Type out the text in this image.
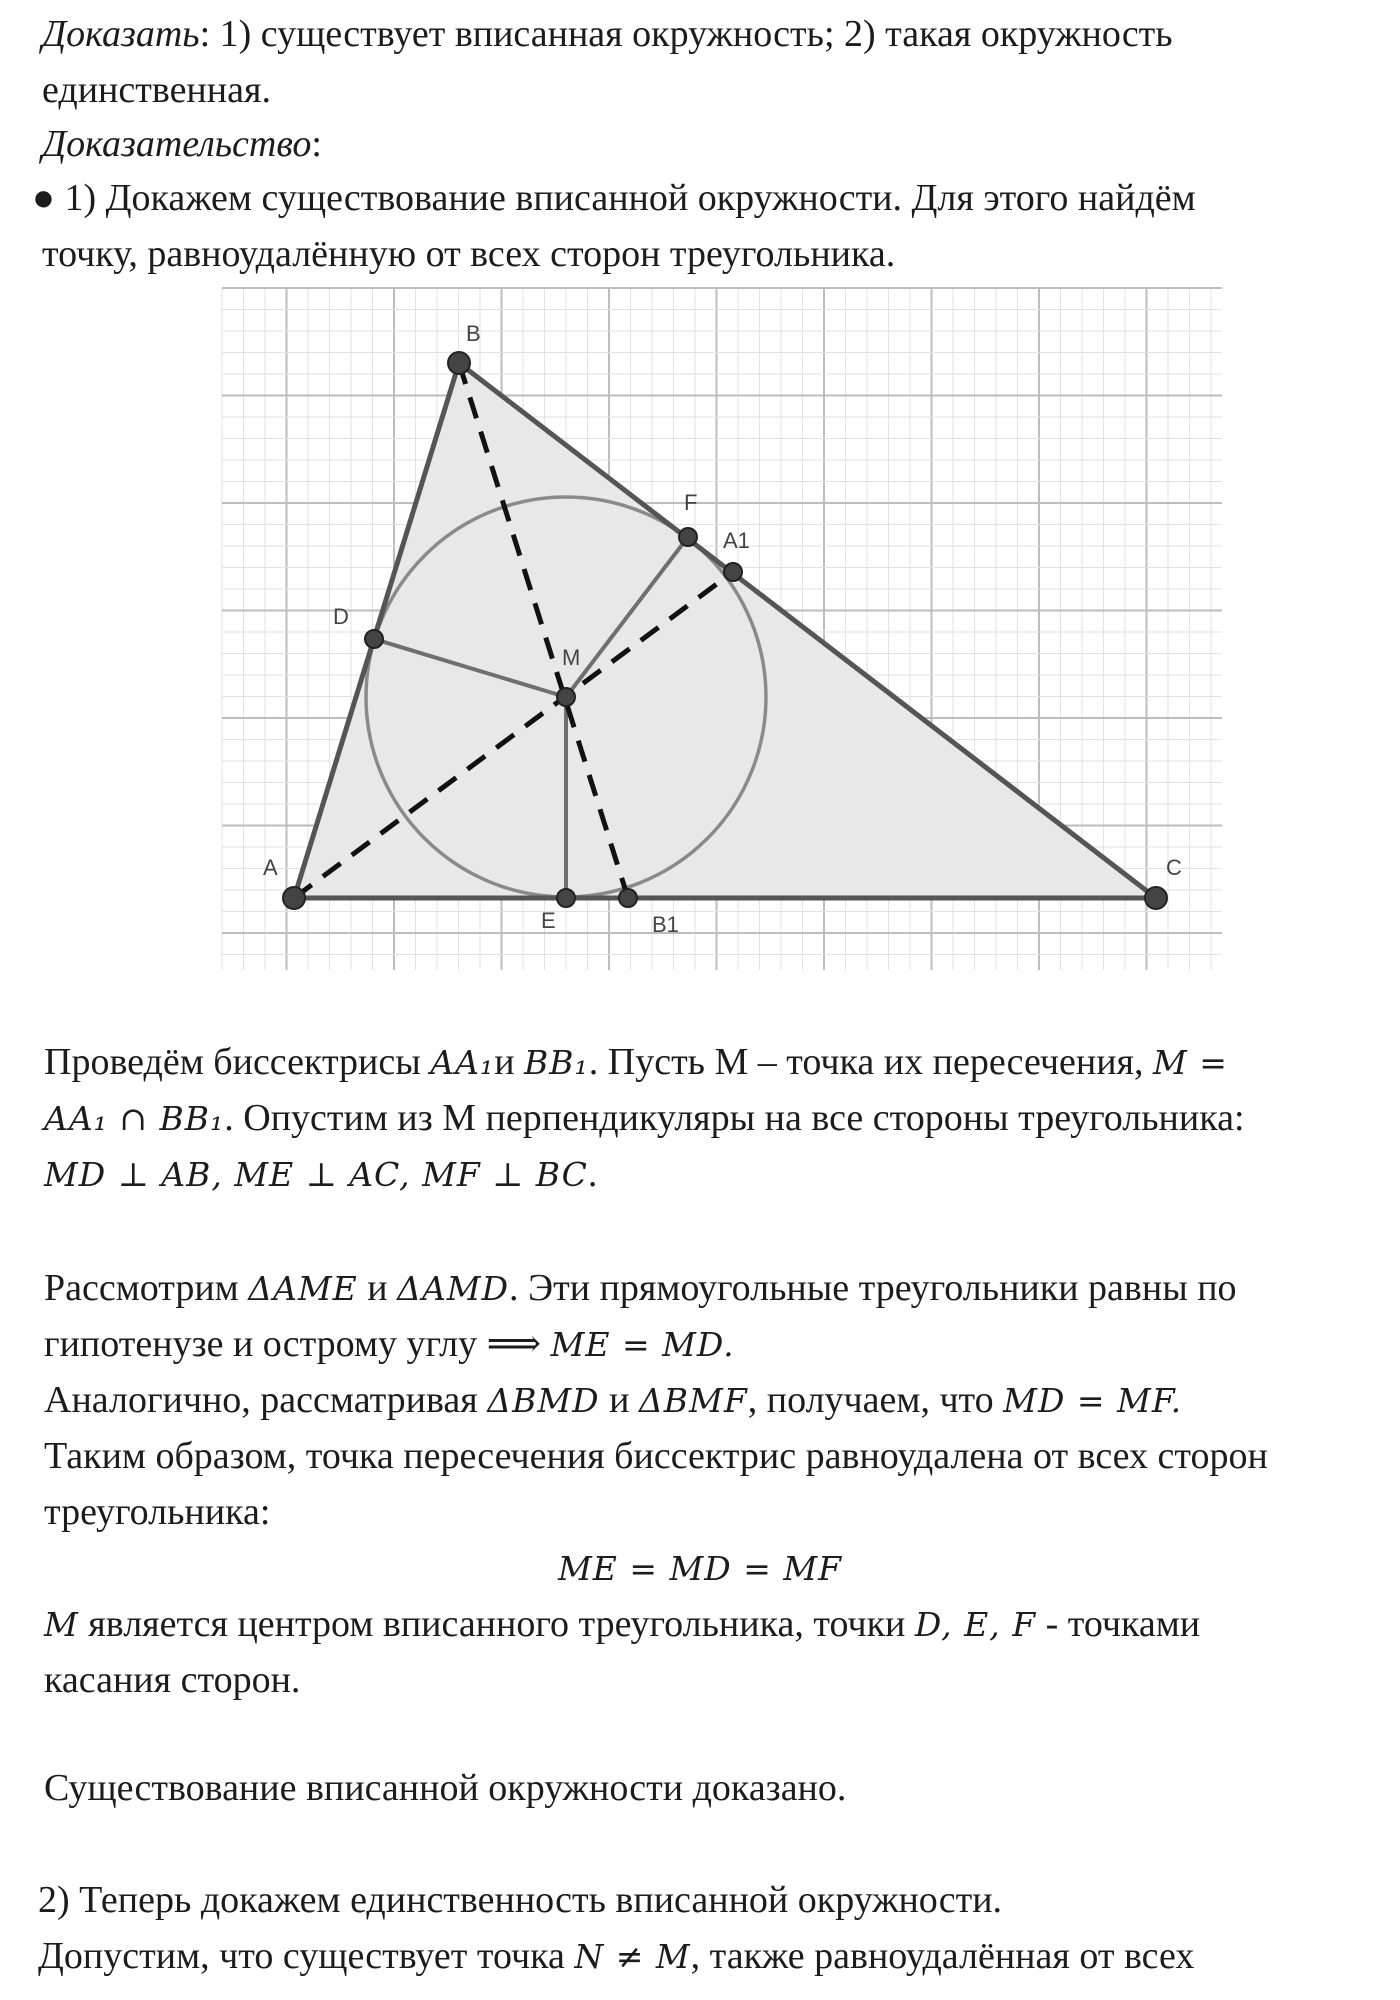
Доказать: 1) существует вписанная окружность; 2) такая окружность
единственная.
Доказательство:
● 1) Докажем существование вписанной окружности. Для этого найдём
точку, равноудалённую от всех сторон треугольника.
A
B
C
D
E
F
M
A1
B1
Проведём биссектрисы AA₁и BB₁. Пусть М – точка их пересечения, M =
AA₁ ∩ BB₁. Опустим из М перпендикуляры на все стороны треугольника:
MD ⊥ AB, ME ⊥ AC, MF ⊥ BC.
Рассмотрим ΔAME и ΔAMD. Эти прямоугольные треугольники равны по
гипотенузе и острому углу ⟹ ME = MD.
Аналогично, рассматривая ΔBMD и ΔBMF, получаем, что MD = MF.
Таким образом, точка пересечения биссектрис равноудалена от всех сторон
треугольника:
ME = MD = MF
M является центром вписанного треугольника, точки D, E, F - точками
касания сторон.
Существование вписанной окружности доказано.
2) Теперь докажем единственность вписанной окружности.
Допустим, что существует точка N ≠ M, также равноудалённая от всех
